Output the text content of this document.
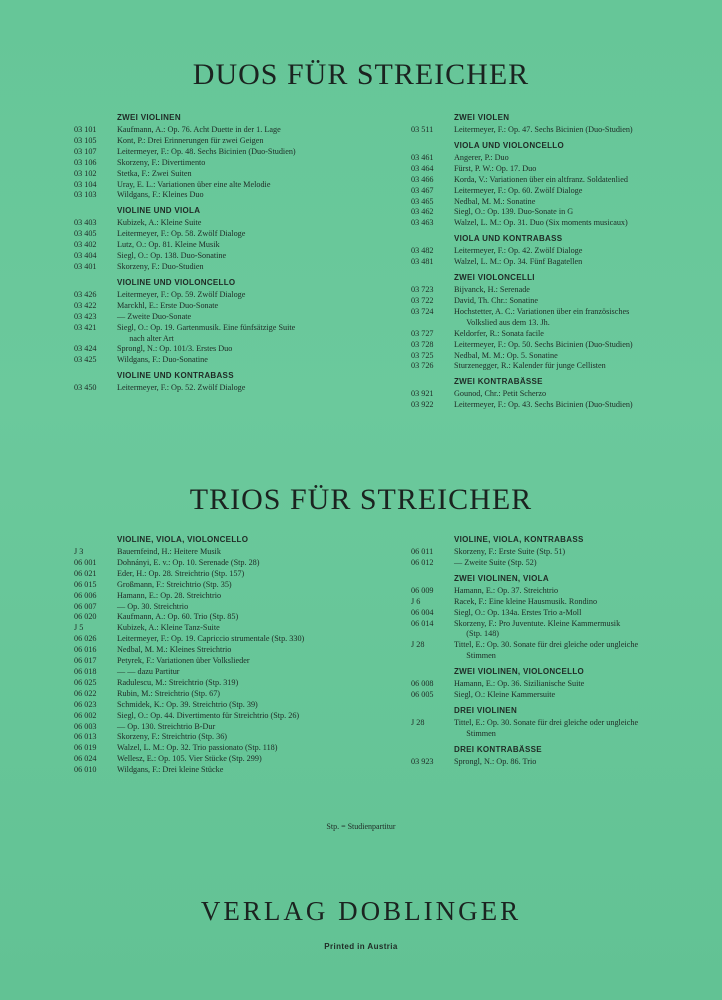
DUOS FÜR STREICHER
ZWEI VIOLINEN
03 101	Kaufmann, A.: Op. 76. Acht Duette in der 1. Lage
03 105	Kont, P.: Drei Erinnerungen für zwei Geigen
03 107	Leitermeyer, F.: Op. 48. Sechs Bicinien (Duo-Studien)
03 106	Skorzeny, F.: Divertimento
03 102	Stetka, F.: Zwei Suiten
03 104	Uray, E. L.: Variationen über eine alte Melodie
03 103	Wildgans, F.: Kleines Duo
VIOLINE UND VIOLA
03 403	Kubizek, A.: Kleine Suite
03 405	Leitermeyer, F.: Op. 58. Zwölf Dialoge
03 402	Lutz, O.: Op. 81. Kleine Musik
03 404	Siegl, O.: Op. 138. Duo-Sonatine
03 401	Skorzeny, F.: Duo-Studien
VIOLINE UND VIOLONCELLO
03 426	Leitermeyer, F.: Op. 59. Zwölf Dialoge
03 422	Marckhl, E.: Erste Duo-Sonate
03 423	— Zweite Duo-Sonate
03 421	Siegl, O.: Op. 19. Gartenmusik. Eine fünfsätzige Suite
nach alter Art
03 424	Sprongl, N.: Op. 101/3. Erstes Duo
03 425	Wildgans, F.: Duo-Sonatine
VIOLINE UND KONTRABASS
03 450	Leitermeyer, F.: Op. 52. Zwölf Dialoge
ZWEI VIOLEN
03 511	Leitermeyer, F.: Op. 47. Sechs Bicinien (Duo-Studien)
VIOLA UND VIOLONCELLO
03 461	Angerer, P.: Duo
03 464	Fürst, P. W.: Op. 17. Duo
03 466	Korda, V.: Variationen über ein altfranz. Soldatenlied
03 467	Leitermeyer, F.: Op. 60. Zwölf Dialoge
03 465	Nedbal, M. M.: Sonatine
03 462	Siegl, O.: Op. 139. Duo-Sonate in G
03 463	Walzel, L. M.: Op. 31. Duo (Six moments musicaux)
VIOLA UND KONTRABASS
03 482	Leitermeyer, F.: Op. 42. Zwölf Dialoge
03 481	Walzel, L. M.: Op. 34. Fünf Bagatellen
ZWEI VIOLONCELLI
03 723	Bijvanck, H.: Serenade
03 722	David, Th. Chr.: Sonatine
03 724	Hochstetter, A. C.: Variationen über ein französisches
Volkslied aus dem 13. Jh.
03 727	Keldorfer, R.: Sonata facile
03 728	Leitermeyer, F.: Op. 50. Sechs Bicinien (Duo-Studien)
03 725	Nedbal, M. M.: Op. 5. Sonatine
03 726	Sturzenegger, R.: Kalender für junge Cellisten
ZWEI KONTRABÄSSE
03 921	Gounod, Chr.: Petit Scherzo
03 922	Leitermeyer, F.: Op. 43. Sechs Bicinien (Duo-Studien)
TRIOS FÜR STREICHER
VIOLINE, VIOLA, VIOLONCELLO
J 3	Bauernfeind, H.: Heitere Musik
06 001	Dohnányi, E. v.: Op. 10. Serenade (Stp. 28)
06 021	Eder, H.: Op. 28. Streichtrio (Stp. 157)
06 015	Großmann, F.: Streichtrio (Stp. 35)
06 006	Hamann, E.: Op. 28. Streichtrio
06 007	— Op. 30. Streichtrio
06 020	Kaufmann, A.: Op. 60. Trio (Stp. 85)
J 5	Kubizek, A.: Kleine Tanz-Suite
06 026	Leitermeyer, F.: Op. 19. Capriccio strumentale (Stp. 330)
06 016	Nedbal, M. M.: Kleines Streichtrio
06 017	Petyrek, F.: Variationen über Volkslieder
06 018	— — dazu Partitur
06 025	Radulescu, M.: Streichtrio (Stp. 319)
06 022	Rubin, M.: Streichtrio (Stp. 67)
06 023	Schmidek, K.: Op. 39. Streichtrio (Stp. 39)
06 002	Siegl, O.: Op. 44. Divertimento für Streichtrio (Stp. 26)
06 003	— Op. 130. Streichtrio B-Dur
06 013	Skorzeny, F.: Streichtrio (Stp. 36)
06 019	Walzel, L. M.: Op. 32. Trio passionato (Stp. 118)
06 024	Wellesz, E.: Op. 105. Vier Stücke (Stp. 299)
06 010	Wildgans, F.: Drei kleine Stücke
VIOLINE, VIOLA, KONTRABASS
06 011	Skorzeny, F.: Erste Suite (Stp. 51)
06 012	— Zweite Suite (Stp. 52)
ZWEI VIOLINEN, VIOLA
06 009	Hamann, E.: Op. 37. Streichtrio
J 6	Racek, F.: Eine kleine Hausmusik. Rondino
06 004	Siegl, O.: Op. 134a. Erstes Trio a-Moll
06 014	Skorzeny, F.: Pro Juventute. Kleine Kammermusik
(Stp. 148)
J 28	Tittel, E.: Op. 30. Sonate für drei gleiche oder ungleiche
Stimmen
ZWEI VIOLINEN, VIOLONCELLO
06 008	Hamann, E.: Op. 36. Sizilianische Suite
06 005	Siegl, O.: Kleine Kammersuite
DREI VIOLINEN
J 28	Tittel, E.: Op. 30. Sonate für drei gleiche oder ungleiche
Stimmen
DREI KONTRABÄSSE
03 923	Sprongl, N.: Op. 86. Trio
Stp. = Studienpartitur
VERLAG DOBLINGER
Printed in Austria
